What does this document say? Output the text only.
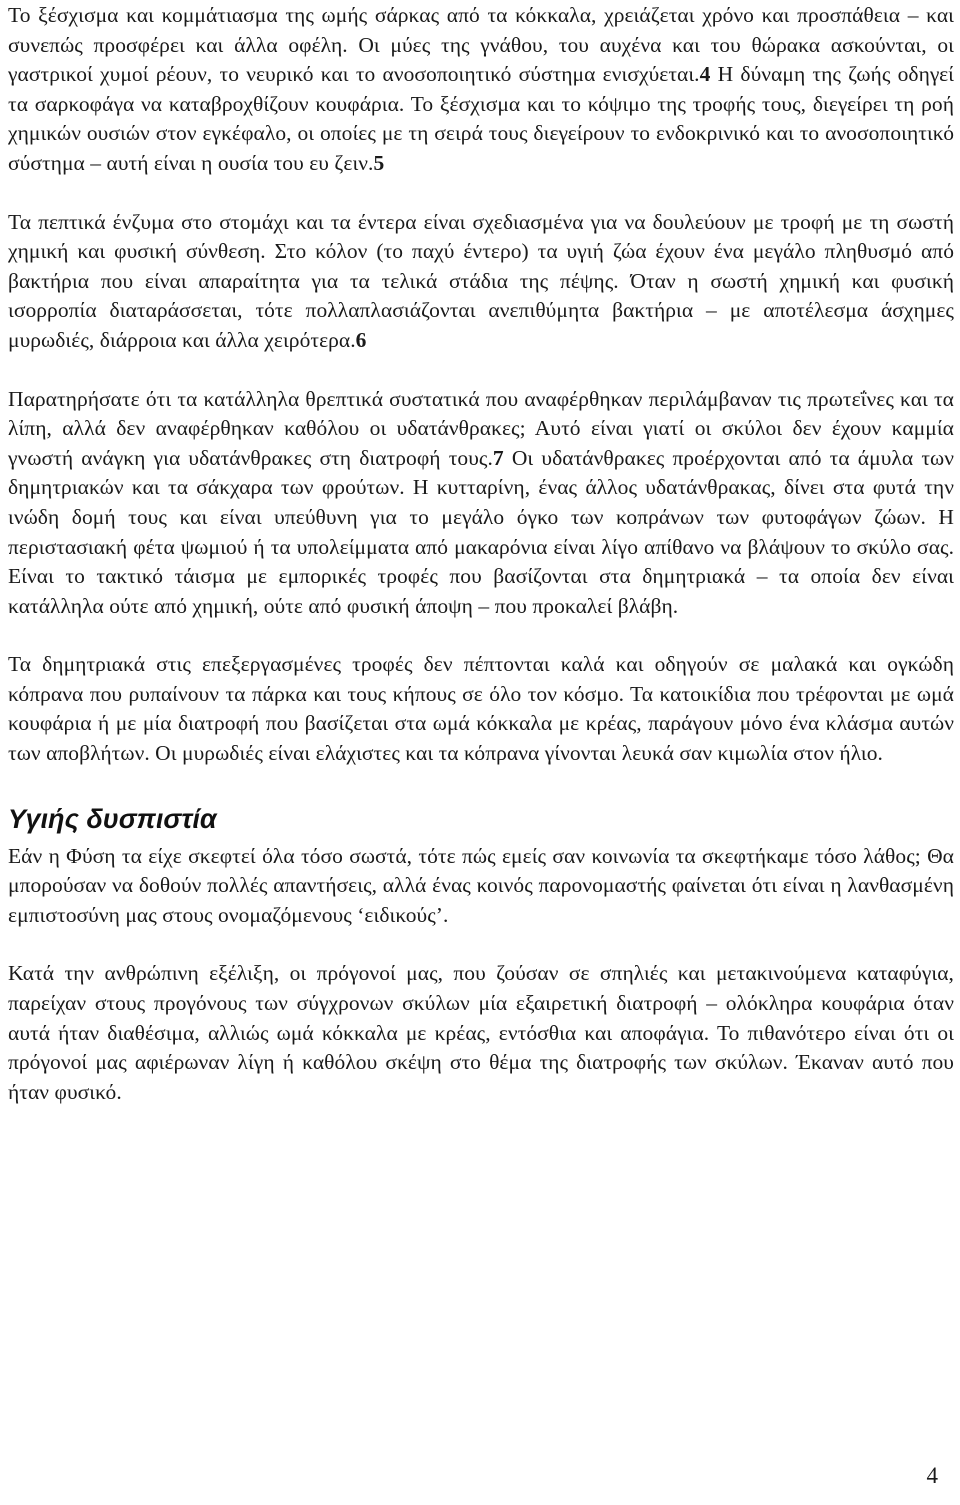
Το ξέσχισμα και κομμάτιασμα της ωμής σάρκας από τα κόκκαλα, χρειάζεται χρόνο και προσπάθεια – και συνεπώς προσφέρει και άλλα οφέλη. Οι μύες της γνάθου, του αυχένα και του θώρακα ασκούνται, οι γαστρικοί χυμοί ρέουν, το νευρικό και το ανοσοποιητικό σύστημα ενισχύεται.4 Η δύναμη της ζωής οδηγεί τα σαρκοφάγα να καταβροχθίζουν κουφάρια. Το ξέσχισμα και το κόψιμο της τροφής τους, διεγείρει τη ροή χημικών ουσιών στον εγκέφαλο, οι οποίες με τη σειρά τους διεγείρουν το ενδοκρινικό και το ανοσοποιητικό σύστημα – αυτή είναι η ουσία του ευ ζειν.5

Τα πεπτικά ένζυμα στο στομάχι και τα έντερα είναι σχεδιασμένα για να δουλεύουν με τροφή με τη σωστή χημική και φυσική σύνθεση. Στο κόλον (το παχύ έντερο) τα υγιή ζώα έχουν ένα μεγάλο πληθυσμό από βακτήρια που είναι απαραίτητα για τα τελικά στάδια της πέψης. Όταν η σωστή χημική και φυσική ισορροπία διαταράσσεται, τότε πολλαπλασιάζονται ανεπιθύμητα βακτήρια – με αποτέλεσμα άσχημες μυρωδιές, διάρροια και άλλα χειρότερα.6

Παρατηρήσατε ότι τα κατάλληλα θρεπτικά συστατικά που αναφέρθηκαν περιλάμβαναν τις πρωτεΐνες και τα λίπη, αλλά δεν αναφέρθηκαν καθόλου οι υδατάνθρακες; Αυτό είναι γιατί οι σκύλοι δεν έχουν καμμία γνωστή ανάγκη για υδατάνθρακες στη διατροφή τους.7 Οι υδατάνθρακες προέρχονται από τα άμυλα των δημητριακών και τα σάκχαρα των φρούτων. Η κυτταρίνη, ένας άλλος υδατάνθρακας, δίνει στα φυτά την ινώδη δομή τους και είναι υπεύθυνη για το μεγάλο όγκο των κοπράνων των φυτοφάγων ζώων. Η περιστασιακή φέτα ψωμιού ή τα υπολείμματα από μακαρόνια είναι λίγο απίθανο να βλάψουν το σκύλο σας. Είναι το τακτικό τάισμα με εμπορικές τροφές που βασίζονται στα δημητριακά – τα οποία δεν είναι κατάλληλα ούτε από χημική, ούτε από φυσική άποψη – που προκαλεί βλάβη.

Τα δημητριακά στις επεξεργασμένες τροφές δεν πέπτονται καλά και οδηγούν σε μαλακά και ογκώδη κόπρανα που ρυπαίνουν τα πάρκα και τους κήπους σε όλο τον κόσμο. Τα κατοικίδια που τρέφονται με ωμά κουφάρια ή με μία διατροφή που βασίζεται στα ωμά κόκκαλα με κρέας, παράγουν μόνο ένα κλάσμα αυτών των αποβλήτων. Οι μυρωδιές είναι ελάχιστες και τα κόπρανα γίνονται λευκά σαν κιμωλία στον ήλιο.

Υγιής δυσπιστία

Εάν η Φύση τα είχε σκεφτεί όλα τόσο σωστά, τότε πώς εμείς σαν κοινωνία τα σκεφτήκαμε τόσο λάθος; Θα μπορούσαν να δοθούν πολλές απαντήσεις, αλλά ένας κοινός παρονομαστής φαίνεται ότι είναι η λανθασμένη εμπιστοσύνη μας στους ονομαζόμενους ‘ειδικούς’.

Κατά την ανθρώπινη εξέλιξη, οι πρόγονοί μας, που ζούσαν σε σπηλιές και μετακινούμενα καταφύγια, παρείχαν στους προγόνους των σύγχρονων σκύλων μία εξαιρετική διατροφή – ολόκληρα κουφάρια όταν αυτά ήταν διαθέσιμα, αλλιώς ωμά κόκκαλα με κρέας, εντόσθια και αποφάγια. Το πιθανότερο είναι ότι οι πρόγονοί μας αφιέρωναν λίγη ή καθόλου σκέψη στο θέμα της διατροφής των σκύλων. Έκαναν αυτό που ήταν φυσικό.

4
